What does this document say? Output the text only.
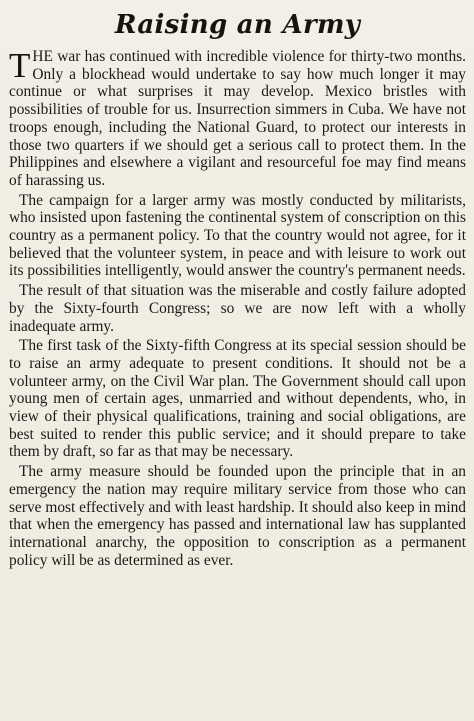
Raising an Army

THE war has continued with incredible violence for thirty-two months. Only a blockhead would undertake to say how much longer it may continue or what surprises it may develop. Mexico bristles with possibilities of trouble for us. Insurrection simmers in Cuba. We have not troops enough, including the National Guard, to protect our interests in those two quarters if we should get a serious call to protect them. In the Philippines and elsewhere a vigilant and resourceful foe may find means of harassing us.

The campaign for a larger army was mostly conducted by militarists, who insisted upon fastening the continental system of conscription on this country as a permanent policy. To that the country would not agree, for it believed that the volunteer system, in peace and with leisure to work out its possibilities intelligently, would answer the country's permanent needs.

The result of that situation was the miserable and costly failure adopted by the Sixty-fourth Congress; so we are now left with a wholly inadequate army.

The first task of the Sixty-fifth Congress at its special session should be to raise an army adequate to present conditions. It should not be a volunteer army, on the Civil War plan. The Government should call upon young men of certain ages, unmarried and without dependents, who, in view of their physical qualifications, training and social obligations, are best suited to render this public service; and it should prepare to take them by draft, so far as that may be necessary.

The army measure should be founded upon the principle that in an emergency the nation may require military service from those who can serve most effectively and with least hardship. It should also keep in mind that when the emergency has passed and international law has supplanted international anarchy, the opposition to conscription as a permanent policy will be as determined as ever.
